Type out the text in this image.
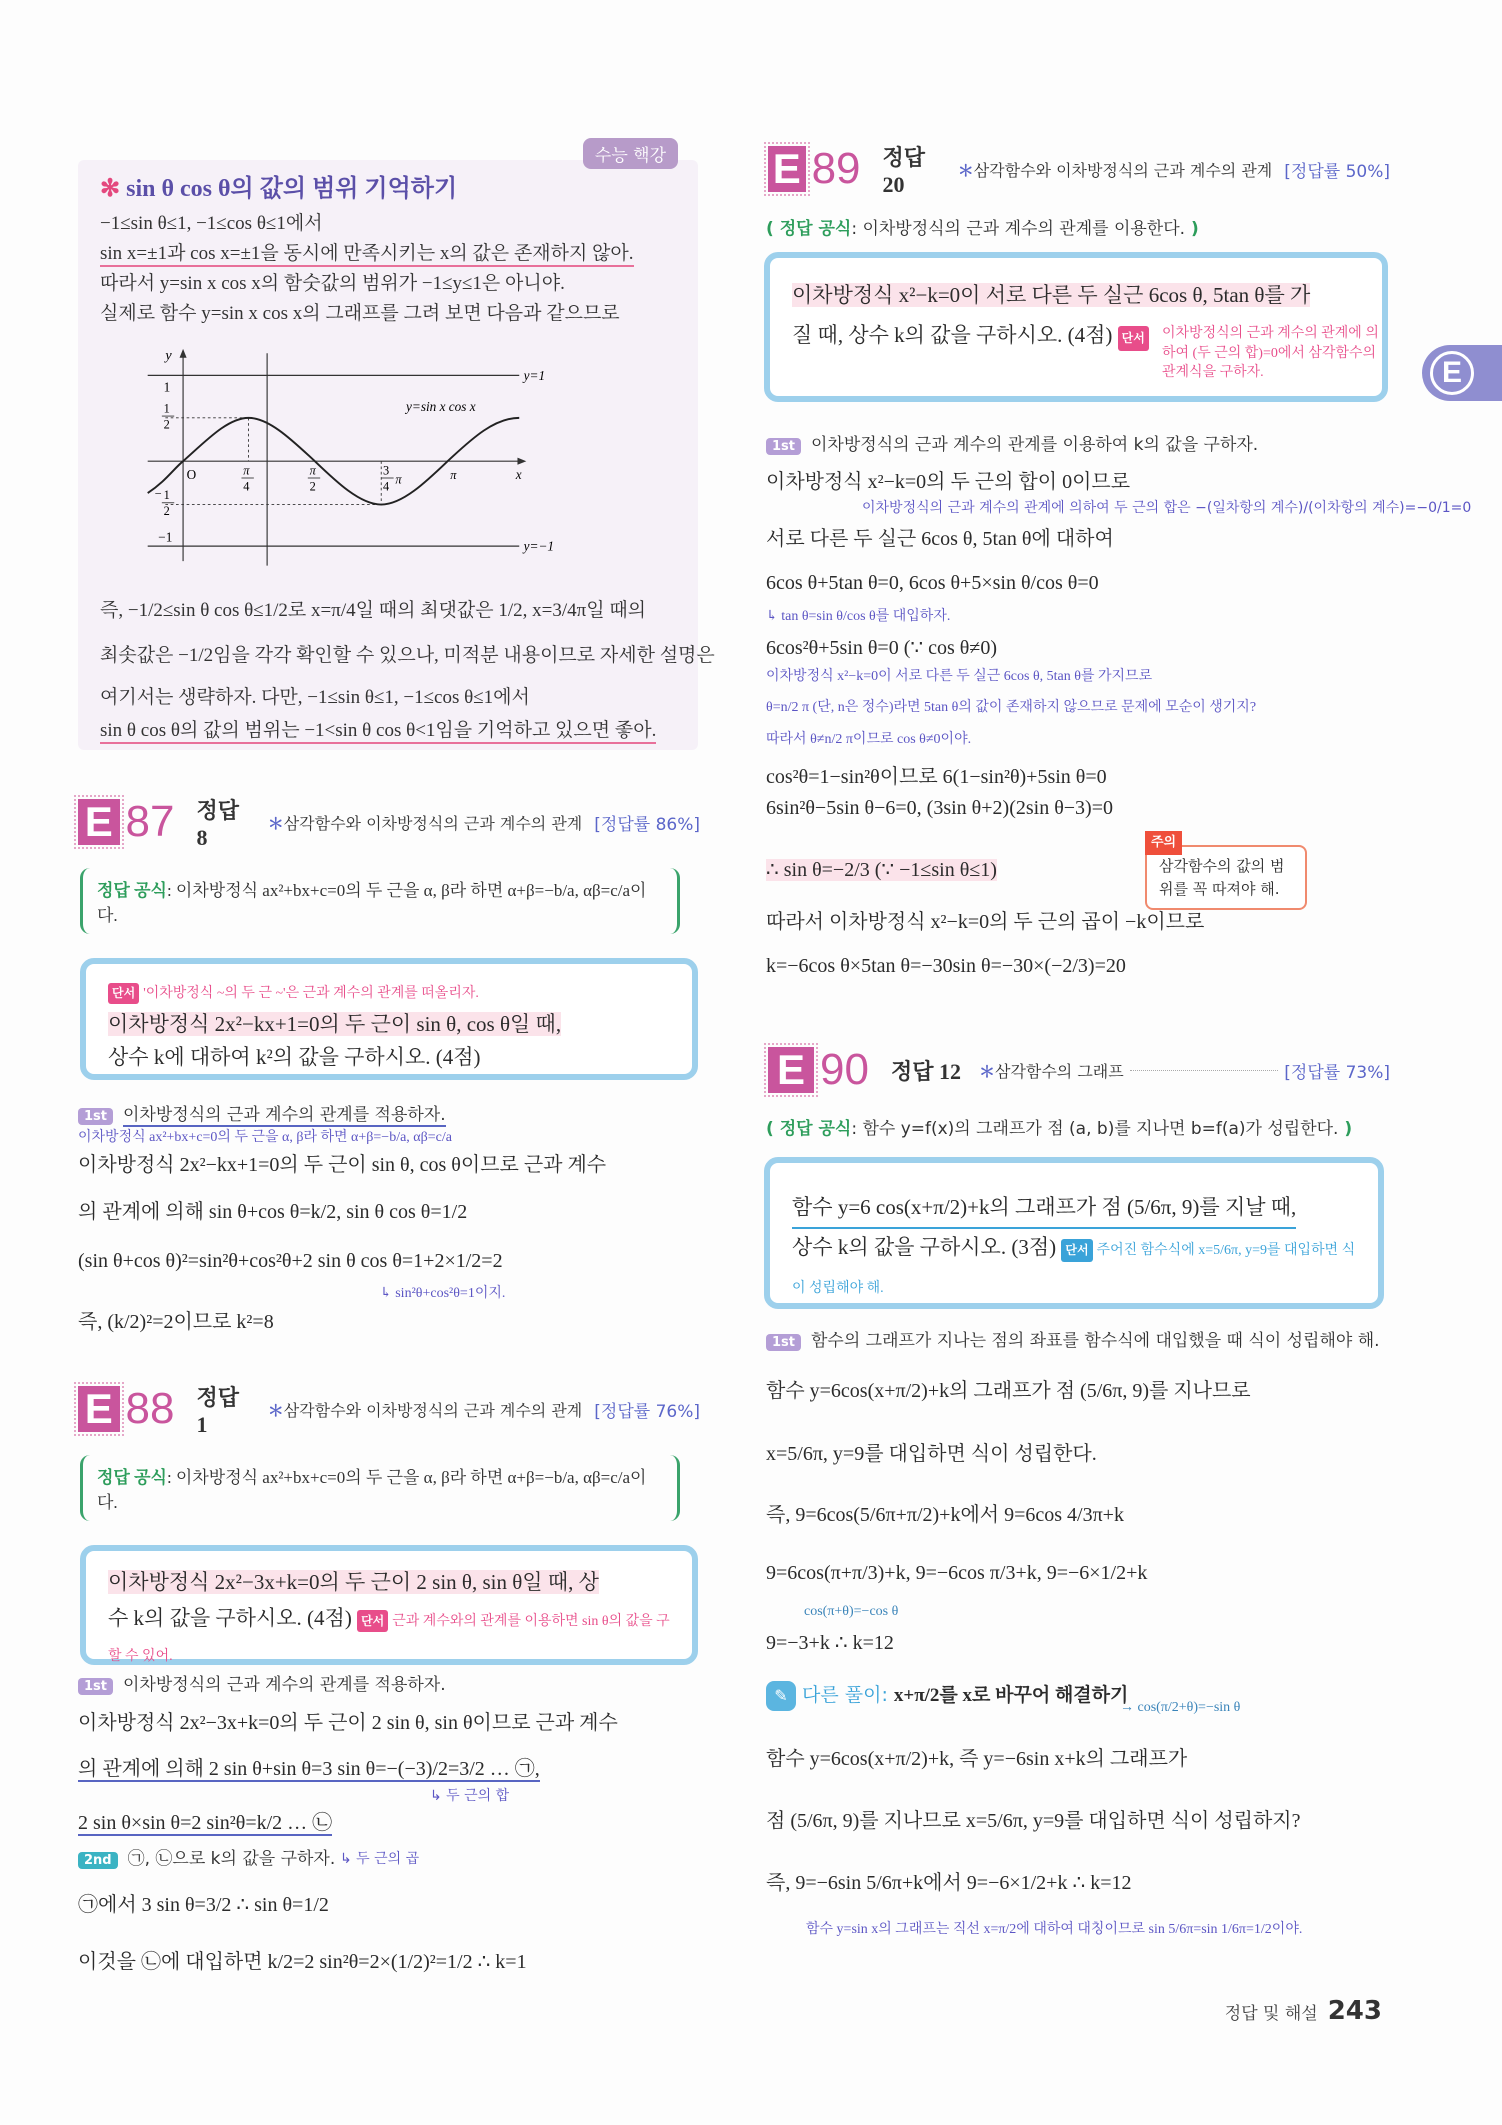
E
수능 핵강
✻ sin θ cos θ의 값의 범위 기억하기
−1≤sin θ≤1, −1≤cos θ≤1에서
sin x=±1과 cos x=±1을 동시에 만족시키는 x의 값은 존재하지 않아.
따라서 y=sin x cos x의 함숫값의 범위가 −1≤y≤1은 아니야.
실제로 함수 y=sin x cos x의 그래프를 그려 보면 다음과 같으므로
y
1
1
2
O	π
4
π
2
3
4
π	π	x
− 1
2
−1
y=1
y=−1
y=sin x cos x
즉, −1/2≤sin θ cos θ≤1/2로 x=π/4일 때의 최댓값은 1/2, x=3/4π일 때의
최솟값은 −1/2임을 각각 확인할 수 있으나, 미적분 내용이므로 자세한 설명은
여기서는 생략하자. 다만, −1≤sin θ≤1, −1≤cos θ≤1에서
sin θ cos θ의 값의 범위는 −1<sin θ cos θ<1임을 기억하고 있으면 좋아.
E 87 정답 8
＊삼각함수와 이차방정식의 근과 계수의 관계 [정답률 86%]
정답 공식: 이차방정식 ax²+bx+c=0의 두 근을 α, β라 하면 α+β=−b/a, αβ=c/a이다.
단서 '이차방정식 ~의 두 근 ~'은 근과 계수의 관계를 떠올리자.
이차방정식 2x²−kx+1=0의 두 근이 sin θ, cos θ일 때,
상수 k에 대하여 k²의 값을 구하시오. (4점)
1st 이차방정식의 근과 계수의 관계를 적용하자.
이차방정식 ax²+bx+c=0의 두 근을 α, β라 하면 α+β=−b/a, αβ=c/a
이차방정식 2x²−kx+1=0의 두 근이 sin θ, cos θ이므로 근과 계수
의 관계에 의해 sin θ+cos θ=k/2, sin θ cos θ=1/2
(sin θ+cos θ)²=sin²θ+cos²θ+2 sin θ cos θ=1+2×1/2=2
↳ sin²θ+cos²θ=1이지.
즉, (k/2)²=2이므로 k²=8
E 88 정답 1
＊삼각함수와 이차방정식의 근과 계수의 관계 [정답률 76%]
정답 공식: 이차방정식 ax²+bx+c=0의 두 근을 α, β라 하면 α+β=−b/a, αβ=c/a이다.
이차방정식 2x²−3x+k=0의 두 근이 2 sin θ, sin θ일 때, 상
수 k의 값을 구하시오. (4점) 단서 근과 계수와의 관계를 이용하면 sin θ의 값을 구할 수 있어.
1st 이차방정식의 근과 계수의 관계를 적용하자.
이차방정식 2x²−3x+k=0의 두 근이 2 sin θ, sin θ이므로 근과 계수
의 관계에 의해 2 sin θ+sin θ=3 sin θ=−(−3)/2=3/2 … ㉠,
↳ 두 근의 합
2 sin θ×sin θ=2 sin²θ=k/2 … ㉡
2nd ㉠, ㉡으로 k의 값을 구하자. ↳ 두 근의 곱
㉠에서 3 sin θ=3/2 ∴ sin θ=1/2
이것을 ㉡에 대입하면 k/2=2 sin²θ=2×(1/2)²=1/2 ∴ k=1
E 89 정답 20
＊삼각함수와 이차방정식의 근과 계수의 관계 [정답률 50%]
( 정답 공식: 이차방정식의 근과 계수의 관계를 이용한다. )
이차방정식 x²−k=0이 서로 다른 두 실근 6cos θ, 5tan θ를 가
질 때, 상수 k의 값을 구하시오. (4점) 단서	이차방정식의 근과 계수의 관계에 의하여 (두 근의 합)=0에서 삼각함수의 관계식을 구하자.
1st 이차방정식의 근과 계수의 관계를 이용하여 k의 값을 구하자.
이차방정식 x²−k=0의 두 근의 합이 0이므로
이차방정식의 근과 계수의 관계에 의하여 두 근의 합은 −(일차항의 계수)/(이차항의 계수)=−0/1=0
서로 다른 두 실근 6cos θ, 5tan θ에 대하여
6cos θ+5tan θ=0, 6cos θ+5×sin θ/cos θ=0
↳ tan θ=sin θ/cos θ를 대입하자.
6cos²θ+5sin θ=0 (∵ cos θ≠0)
이차방정식 x²−k=0이 서로 다른 두 실근 6cos θ, 5tan θ를 가지므로
θ=n/2 π (단, n은 정수)라면 5tan θ의 값이 존재하지 않으므로 문제에 모순이 생기지?
따라서 θ≠n/2 π이므로 cos θ≠0이야.
cos²θ=1−sin²θ이므로 6(1−sin²θ)+5sin θ=0
6sin²θ−5sin θ−6=0, (3sin θ+2)(2sin θ−3)=0
∴ sin θ=−2/3 (∵ −1≤sin θ≤1)
주의
삼각함수의 값의 범위를 꼭 따져야 해.
따라서 이차방정식 x²−k=0의 두 근의 곱이 −k이므로
k=−6cos θ×5tan θ=−30sin θ=−30×(−2/3)=20
E 90 정답 12 ＊삼각함수의 그래프	[정답률 73%]
( 정답 공식: 함수 y=f(x)의 그래프가 점 (a, b)를 지나면 b=f(a)가 성립한다. )
함수 y=6 cos(x+π/2)+k의 그래프가 점 (5/6π, 9)를 지날 때,
상수 k의 값을 구하시오. (3점) 단서 주어진 함수식에 x=5/6π, y=9를 대입하면 식이 성립해야 해.
1st 함수의 그래프가 지나는 점의 좌표를 함수식에 대입했을 때 식이 성립해야 해.
함수 y=6cos(x+π/2)+k의 그래프가 점 (5/6π, 9)를 지나므로
x=5/6π, y=9를 대입하면 식이 성립한다.
즉, 9=6cos(5/6π+π/2)+k에서 9=6cos 4/3π+k
9=6cos(π+π/3)+k, 9=−6cos π/3+k, 9=−6×1/2+k
cos(π+θ)=−cos θ
9=−3+k ∴ k=12
✎ 다른 풀이: x+π/2를 x로 바꾸어 해결하기
→ cos(π/2+θ)=−sin θ
함수 y=6cos(x+π/2)+k, 즉 y=−6sin x+k의 그래프가
점 (5/6π, 9)를 지나므로 x=5/6π, y=9를 대입하면 식이 성립하지?
즉, 9=−6sin 5/6π+k에서 9=−6×1/2+k ∴ k=12
함수 y=sin x의 그래프는 직선 x=π/2에 대하여 대칭이므로 sin 5/6π=sin 1/6π=1/2이야.
정답 및 해설 243
